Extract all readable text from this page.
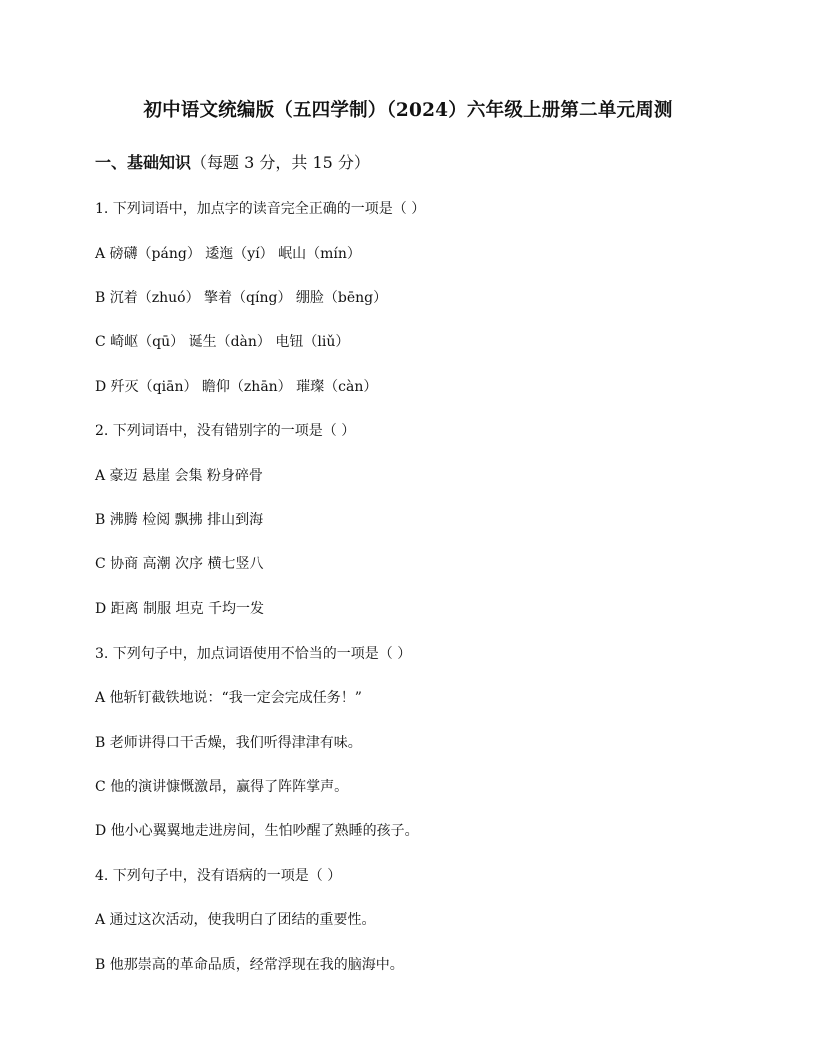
初中语文统编版（五四学制）（2024）六年级上册第二单元周测
一、基础知识（每题 3 分，共 15 分）
1. 下列词语中，加点字的读音完全正确的一项是（ ）
A 磅礴（páng） 逶迤（yí） 岷山（mín）
B 沉着（zhuó） 擎着（qíng） 绷脸（bēng）
C 崎岖（qū） 诞生（dàn） 电钮（liǔ）
D 歼灭（qiān） 瞻仰（zhān） 璀璨（càn）
2. 下列词语中，没有错别字的一项是（ ）
A 豪迈 悬崖 会集 粉身碎骨
B 沸腾 检阅 飘拂 排山到海
C 协商 高潮 次序 横七竖八
D 距离 制服 坦克 千均一发
3. 下列句子中，加点词语使用不恰当的一项是（ ）
A 他斩钉截铁地说：“我一定会完成任务！”
B 老师讲得口干舌燥，我们听得津津有味。
C 他的演讲慷慨激昂，赢得了阵阵掌声。
D 他小心翼翼地走进房间，生怕吵醒了熟睡的孩子。
4. 下列句子中，没有语病的一项是（ ）
A 通过这次活动，使我明白了团结的重要性。
B 他那崇高的革命品质，经常浮现在我的脑海中。
